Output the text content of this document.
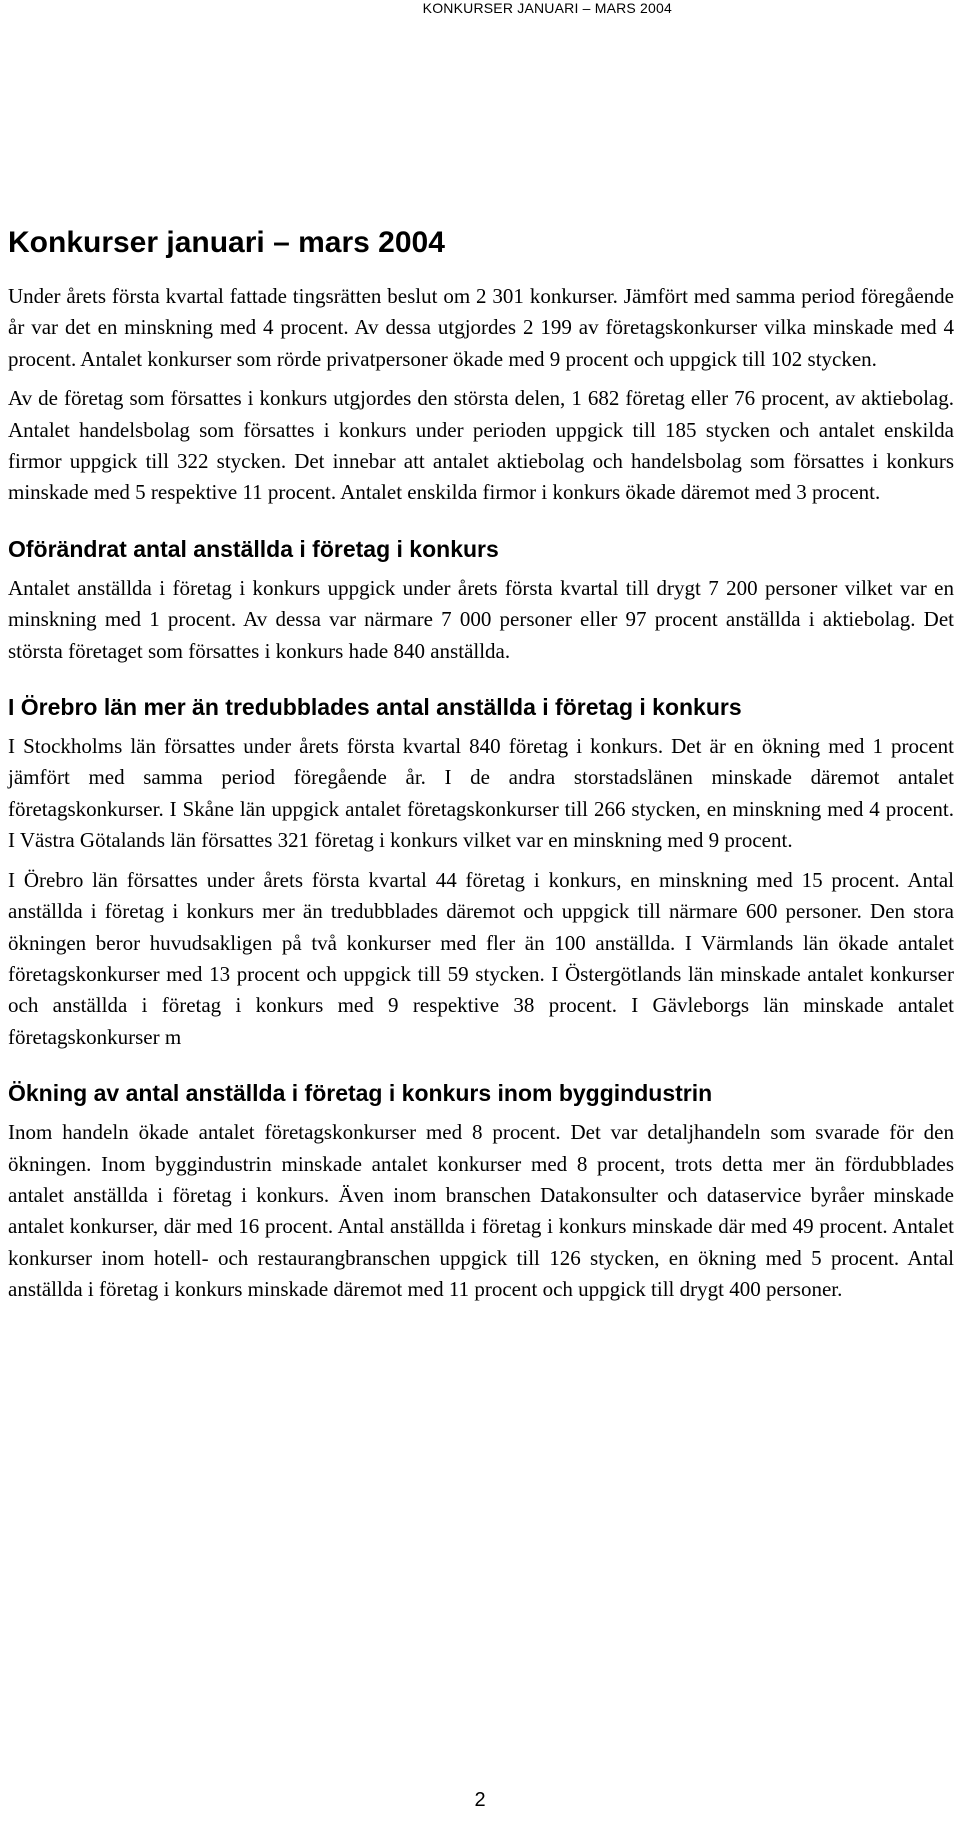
KONKURSER JANUARI – MARS 2004
Konkurser januari – mars 2004

Under årets första kvartal fattade tingsrätten beslut om 2 301 konkurser. Jämfört med samma period föregående år var det en minskning med 4 procent. Av dessa utgjordes 2 199 av företagskonkurser vilka minskade med 4 procent. Antalet konkurser som rörde privatpersoner ökade med 9 procent och uppgick till 102 stycken.

Av de företag som försattes i konkurs utgjordes den största delen, 1 682 företag eller 76 procent, av aktiebolag. Antalet handelsbolag som försattes i konkurs under perioden uppgick till 185 stycken och antalet enskilda firmor uppgick till 322 stycken. Det innebar att antalet aktiebolag och handelsbolag som försattes i konkurs minskade med 5 respektive 11 procent. Antalet enskilda firmor i konkurs ökade däremot med 3 procent.

Oförändrat antal anställda i företag i konkurs

Antalet anställda i företag i konkurs uppgick under årets första kvartal till drygt 7 200 personer vilket var en minskning med 1 procent. Av dessa var närmare 7 000 personer eller 97 procent anställda i aktiebolag. Det största företaget som försattes i konkurs hade 840 anställda.

I Örebro län mer än tredubblades antal anställda i företag i konkurs

I Stockholms län försattes under årets första kvartal 840 företag i konkurs. Det är en ökning med 1 procent jämfört med samma period föregående år. I de andra storstadslänen minskade däremot antalet företagskonkurser. I Skåne län uppgick antalet företagskonkurser till 266 stycken, en minskning med 4 procent. I Västra Götalands län försattes 321 företag i konkurs vilket var en minskning med 9 procent.

I Örebro län försattes under årets första kvartal 44 företag i konkurs, en minskning med 15 procent. Antal anställda i företag i konkurs mer än tredubblades däremot och uppgick till närmare 600 personer. Den stora ökningen beror huvudsakligen på två konkurser med fler än 100 anställda. I Värmlands län ökade antalet företagskonkurser med 13 procent och uppgick till 59 stycken. I Östergötlands län minskade antalet konkurser och anställda i företag i konkurs med 9 respektive 38 procent. I Gävleborgs län minskade antalet företagskonkurser m

Ökning av antal anställda i företag i konkurs inom byggindustrin

Inom handeln ökade antalet företagskonkurser med 8 procent. Det var detaljhandeln som svarade för den ökningen. Inom byggindustrin minskade antalet konkurser med 8 procent, trots detta mer än fördubblades antalet anställda i företag i konkurs. Även inom branschen Datakonsulter och dataservice byråer minskade antalet konkurser, där med 16 procent. Antal anställda i företag i konkurs minskade där med 49 procent. Antalet konkurser inom hotell- och restaurangbranschen uppgick till 126 stycken, en ökning med 5 procent. Antal anställda i företag i konkurs minskade däremot med 11 procent och uppgick till drygt 400 personer.

2
